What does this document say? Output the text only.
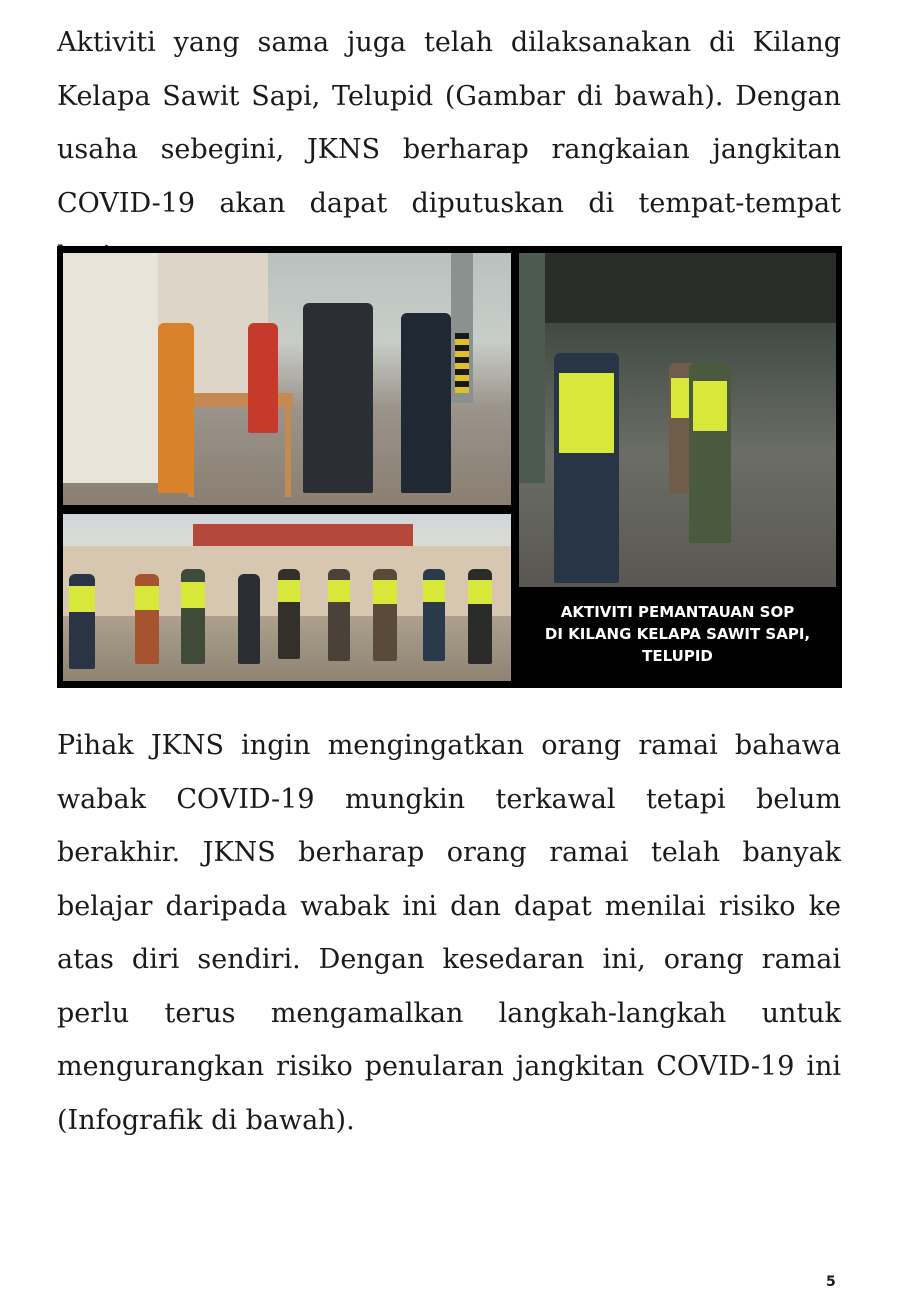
Aktiviti yang sama juga telah dilaksanakan di Kilang Kelapa Sawit Sapi, Telupid (Gambar di bawah). Dengan usaha sebegini, JKNS berharap rangkaian jangkitan COVID-19 akan dapat diputuskan di tempat-tempat

AKTIVITI PEMANTAUAN SOP
DI KILANG KELAPA SAWIT SAPI,
TELUPID

Pihak JKNS ingin mengingatkan orang ramai bahawa wabak COVID-19 mungkin terkawal tetapi belum berakhir. JKNS berharap orang ramai telah banyak belajar daripada wabak ini dan dapat menilai risiko ke atas diri sendiri. Dengan kesedaran ini, orang ramai perlu terus mengamalkan langkah-langkah untuk mengurangkan risiko penularan jangkitan COVID-19 ini (Infografik di bawah).

5
